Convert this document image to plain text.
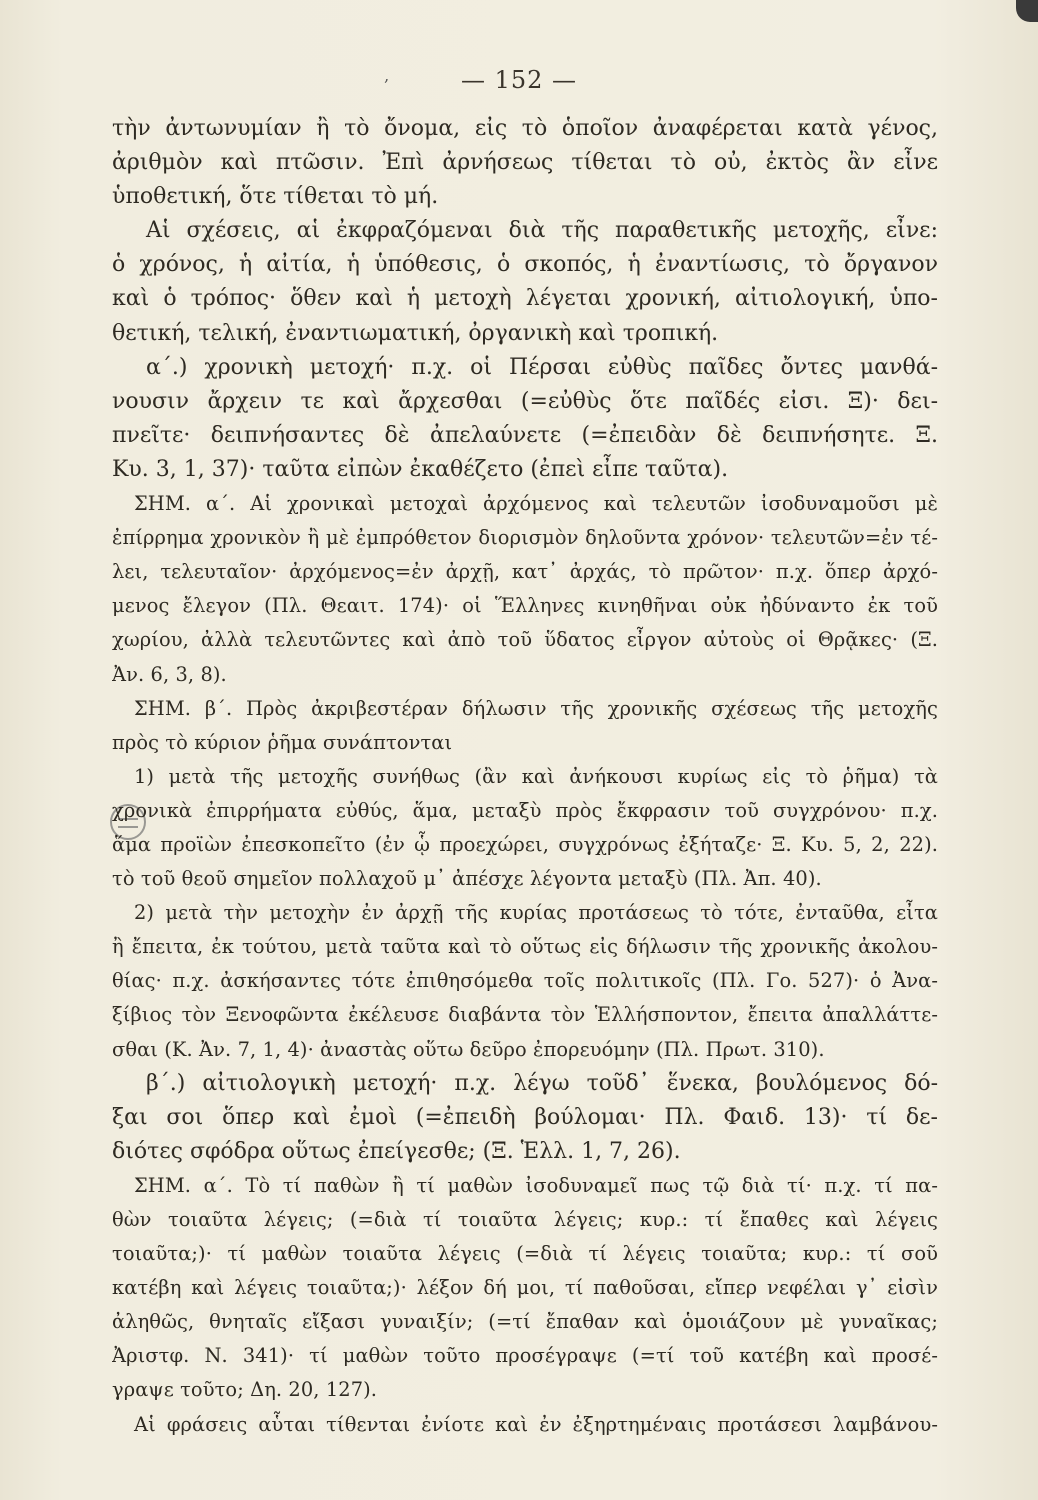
‚	— 152 —
τὴν ἀντωνυμίαν ἢ τὸ ὄνομα, εἰς τὸ ὁποῖον ἀναφέρεται κατὰ γένος,
ἀριθμὸν καὶ πτῶσιν. Ἐπὶ ἀρνήσεως τίθεται τὸ οὐ, ἐκτὸς ἂν εἶνε
ὑποθετική, ὅτε τίθεται τὸ μή.
Αἱ σχέσεις, αἱ ἐκφραζόμεναι διὰ τῆς παραθετικῆς μετοχῆς, εἶνε:
ὁ χρόνος, ἡ αἰτία, ἡ ὑπόθεσις, ὁ σκοπός, ἡ ἐναντίωσις, τὸ ὄργανον
καὶ ὁ τρόπος· ὅθεν καὶ ἡ μετοχὴ λέγεται χρονική, αἰτιολογική, ὑπο-
θετική, τελική, ἐναντιωματική, ὀργανικὴ καὶ τροπική.
α΄.) χρονικὴ μετοχή· π.χ. οἱ Πέρσαι εὐθὺς παῖδες ὄντες μανθά-
νουσιν ἄρχειν τε καὶ ἄρχεσθαι (=εὐθὺς ὅτε παῖδές εἰσι. Ξ)· δει-
πνεῖτε· δειπνήσαντες δὲ ἀπελαύνετε (=ἐπειδὰν δὲ δειπνήσητε. Ξ.
Κυ. 3, 1, 37)· ταῦτα εἰπὼν ἐκαθέζετο (ἐπεὶ εἶπε ταῦτα).
ΣΗΜ. α΄. Αἱ χρονικαὶ μετοχαὶ ἀρχόμενος καὶ τελευτῶν ἰσοδυναμοῦσι μὲ
ἐπίρρημα χρονικὸν ἢ μὲ ἐμπρόθετον διορισμὸν δηλοῦντα χρόνον· τελευτῶν=ἐν τέ-
λει, τελευταῖον· ἀρχόμενος=ἐν ἀρχῇ, κατ᾽ ἀρχάς, τὸ πρῶτον· π.χ. ὅπερ ἀρχό-
μενος ἔλεγον (Πλ. Θεαιτ. 174)· οἱ Ἕλληνες κινηθῆναι οὐκ ἠδύναντο ἐκ τοῦ
χωρίου, ἀλλὰ τελευτῶντες καὶ ἀπὸ τοῦ ὕδατος εἶργον αὐτοὺς οἱ Θρᾷκες· (Ξ.
Ἀν. 6, 3, 8).
ΣΗΜ. β΄. Πρὸς ἀκριβεστέραν δήλωσιν τῆς χρονικῆς σχέσεως τῆς μετοχῆς
πρὸς τὸ κύριον ῥῆμα συνάπτονται
1) μετὰ τῆς μετοχῆς συνήθως (ἂν καὶ ἀνήκουσι κυρίως εἰς τὸ ῥῆμα) τὰ
χρονικὰ ἐπιρρήματα εὐθύς, ἅμα, μεταξὺ πρὸς ἔκφρασιν τοῦ συγχρόνου· π.χ.
ἅμα προϊὼν ἐπεσκοπεῖτο (ἐν ᾧ προεχώρει, συγχρόνως ἐξήταζε· Ξ. Κυ. 5, 2, 22).
τὸ τοῦ θεοῦ σημεῖον πολλαχοῦ μ᾽ ἀπέσχε λέγοντα μεταξὺ (Πλ. Ἀπ. 40).
2) μετὰ τὴν μετοχὴν ἐν ἀρχῇ τῆς κυρίας προτάσεως τὸ τότε, ἐνταῦθα, εἶτα
ἢ ἔπειτα, ἐκ τούτου, μετὰ ταῦτα καὶ τὸ οὕτως εἰς δήλωσιν τῆς χρονικῆς ἀκολου-
θίας· π.χ. ἀσκήσαντες τότε ἐπιθησόμεθα τοῖς πολιτικοῖς (Πλ. Γο. 527)· ὁ Ἀνα-
ξίβιος τὸν Ξενοφῶντα ἐκέλευσε διαβάντα τὸν Ἑλλήσποντον, ἔπειτα ἀπαλλάττε-
σθαι (Κ. Ἀν. 7, 1, 4)· ἀναστὰς οὕτω δεῦρο ἐπορευόμην (Πλ. Πρωτ. 310).
β΄.) αἰτιολογικὴ μετοχή· π.χ. λέγω τοῦδ᾽ ἕνεκα, βουλόμενος δό-
ξαι σοι ὅπερ καὶ ἐμοὶ (=ἐπειδὴ βούλομαι· Πλ. Φαιδ. 13)· τί δε-
διότες σφόδρα οὕτως ἐπείγεσθε; (Ξ. Ἑλλ. 1, 7, 26).
ΣΗΜ. α΄. Τὸ τί παθὼν ἢ τί μαθὼν ἰσοδυναμεῖ πως τῷ διὰ τί· π.χ. τί πα-
θὼν τοιαῦτα λέγεις; (=διὰ τί τοιαῦτα λέγεις; κυρ.: τί ἔπαθες καὶ λέγεις
τοιαῦτα;)· τί μαθὼν τοιαῦτα λέγεις (=διὰ τί λέγεις τοιαῦτα; κυρ.: τί σοῦ
κατέβη καὶ λέγεις τοιαῦτα;)· λέξον δή μοι, τί παθοῦσαι, εἴπερ νεφέλαι γ᾽ εἰσὶν
ἀληθῶς, θνηταῖς εἴξασι γυναιξίν; (=τί ἔπαθαν καὶ ὁμοιάζουν μὲ γυναῖκας;
Ἀριστφ. Ν. 341)· τί μαθὼν τοῦτο προσέγραψε (=τί τοῦ κατέβη καὶ προσέ-
γραψε τοῦτο; Δη. 20, 127).
Αἱ φράσεις αὗται τίθενται ἐνίοτε καὶ ἐν ἐξηρτημέναις προτάσεσι λαμβάνου-
